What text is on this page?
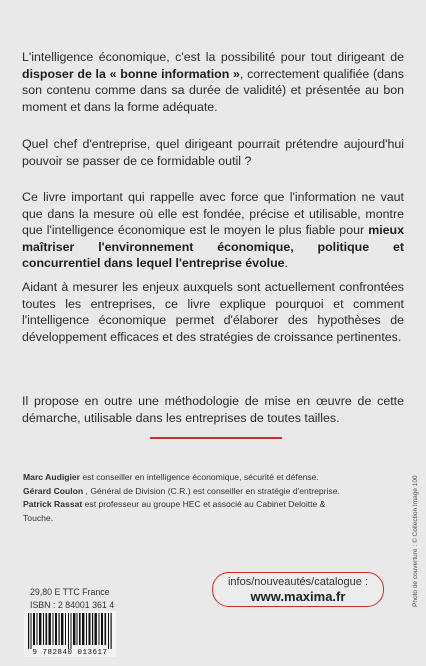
L'intelligence économique, c'est la possibilité pour tout dirigeant de disposer de la « bonne information », correctement qualifiée (dans son contenu comme dans sa durée de validité) et présentée au bon moment et dans la forme adéquate.
Quel chef d'entreprise, quel dirigeant pourrait prétendre aujourd'hui pouvoir se passer de ce formidable outil ?
Ce livre important qui rappelle avec force que l'information ne vaut que dans la mesure où elle est fondée, précise et utilisable, montre que l'intelligence économique est le moyen le plus fiable pour mieux maîtriser l'environnement économique, politique et concurrentiel dans lequel l'entreprise évolue.
Aidant à mesurer les enjeux auxquels sont actuellement confrontées toutes les entreprises, ce livre explique pourquoi et comment l'intelligence économique permet d'élaborer des hypothèses de développement efficaces et des stratégies de croissance pertinentes.
Il propose en outre une méthodologie de mise en œuvre de cette démarche, utilisable dans les entreprises de toutes tailles.
Marc Audigier est conseiller en intelligence économique, sécurité et défense.
Gérard Coulon , Général de Division (C.R.) est conseiller en stratégie d'entreprise.
Patrick Rassat est professeur au groupe HEC et associé au Cabinet Deloitte & Touche.
29,80 E TTC France
ISBN : 2 84001 361 4
infos/nouveautés/catalogue :
www.maxima.fr
9 782840 013617
Photo de couverture : © Collection Image 100
